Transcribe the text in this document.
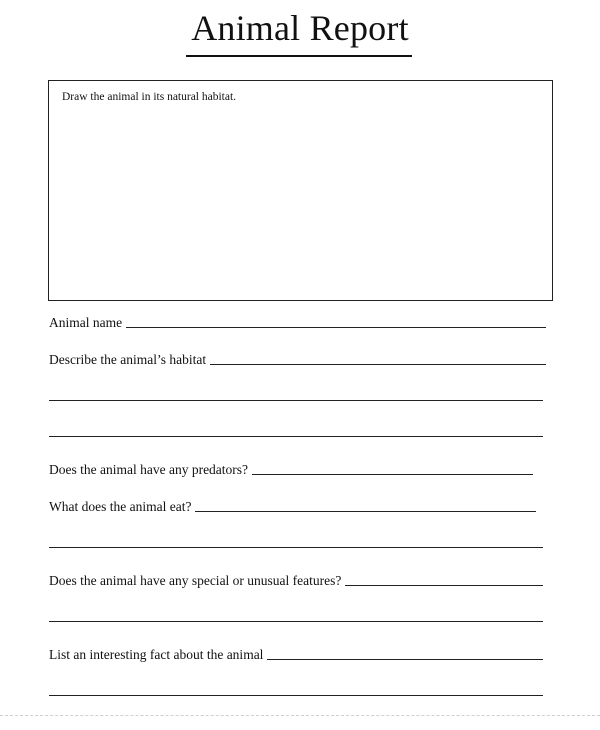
Animal Report
Draw the animal in its natural habitat.
Animal name
Describe the animal’s habitat
Does the animal have any predators?
What does the animal eat?
Does the animal have any special or unusual features?
List an interesting fact about the animal
